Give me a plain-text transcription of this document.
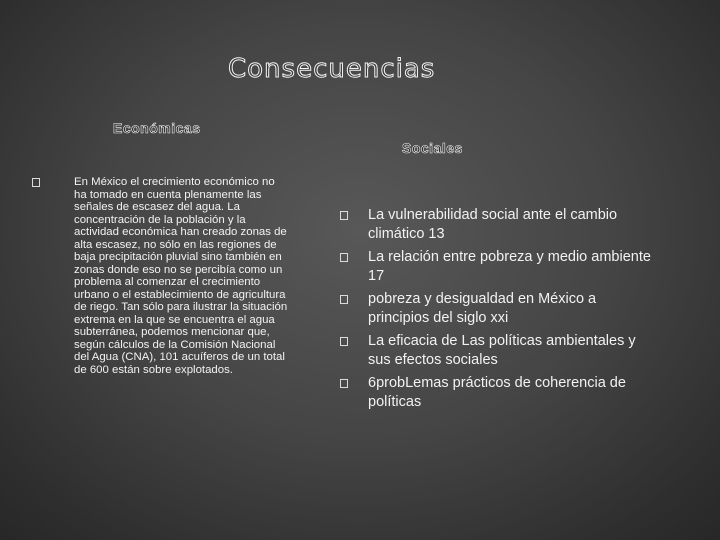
Consecuencias
Económicas
Sociales
En México el crecimiento económico no ha tomado en cuenta plenamente las señales de escasez del agua. La concentración de la población y la actividad económica han creado zonas de alta escasez, no sólo en las regiones de baja precipitación pluvial sino también en zonas donde eso no se percibía como un problema al comenzar el crecimiento urbano o el establecimiento de agricultura de riego. Tan sólo para ilustrar la situación extrema en la que se encuentra el agua subterránea, podemos mencionar que, según cálculos de la Comisión Nacional del Agua (CNA), 101 acuíferos de un total de 600 están sobre explotados.
La vulnerabilidad social ante el cambio climático 13
La relación entre pobreza y medio ambiente 17
pobreza y desigualdad en México a principios del siglo xxi
La eficacia de Las políticas ambientales y sus efectos sociales
6probLemas prácticos de coherencia de políticas
